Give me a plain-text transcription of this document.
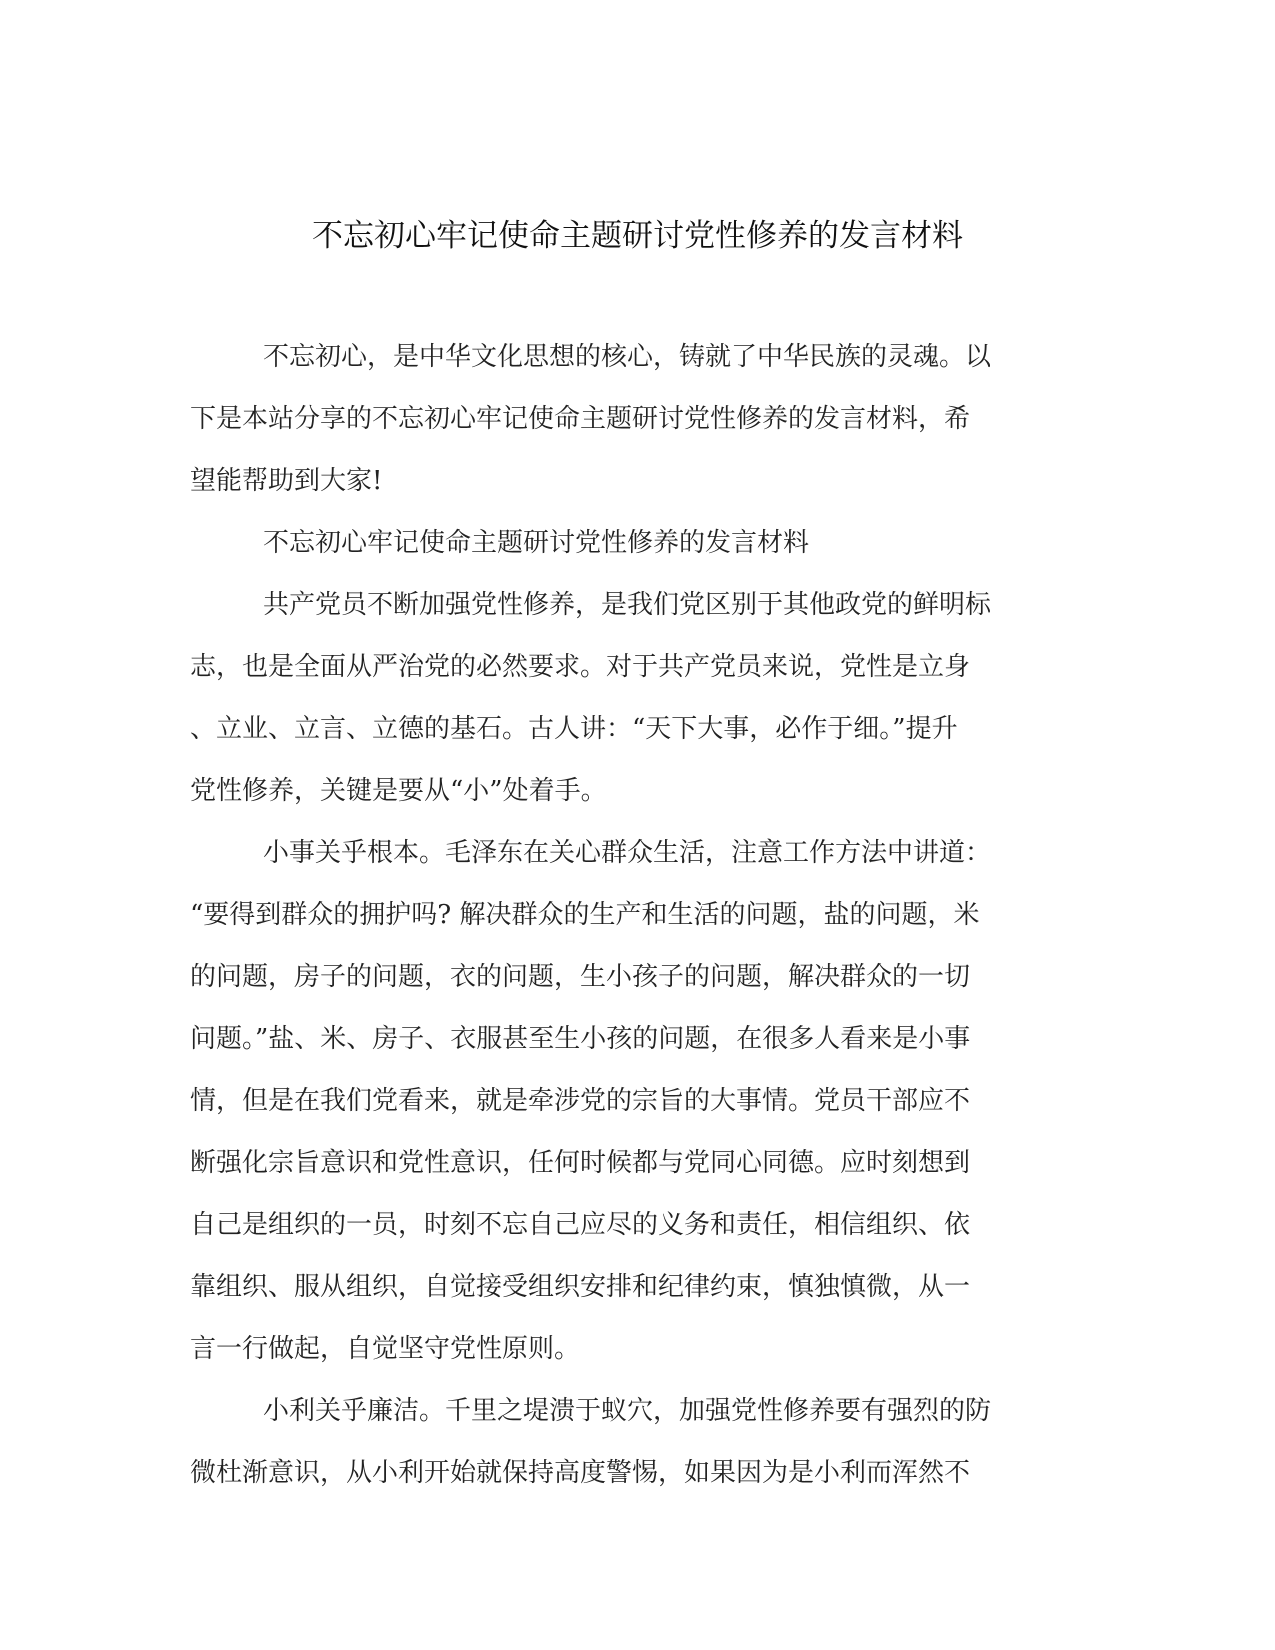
不忘初心牢记使命主题研讨党性修养的发言材料

不忘初心，是中华文化思想的核心，铸就了中华民族的灵魂。以
下是本站分享的不忘初心牢记使命主题研讨党性修养的发言材料，希
望能帮助到大家!

不忘初心牢记使命主题研讨党性修养的发言材料

共产党员不断加强党性修养，是我们党区别于其他政党的鲜明标
志，也是全面从严治党的必然要求。对于共产党员来说，党性是立身
、立业、立言、立德的基石。古人讲：“天下大事，必作于细。”提升
党性修养，关键是要从“小”处着手。

小事关乎根本。毛泽东在关心群众生活，注意工作方法中讲道：
“要得到群众的拥护吗? 解决群众的生产和生活的问题，盐的问题，米
的问题，房子的问题，衣的问题，生小孩子的问题，解决群众的一切
问题。”盐、米、房子、衣服甚至生小孩的问题，在很多人看来是小事
情，但是在我们党看来，就是牵涉党的宗旨的大事情。党员干部应不
断强化宗旨意识和党性意识，任何时候都与党同心同德。应时刻想到
自己是组织的一员，时刻不忘自己应尽的义务和责任，相信组织、依
靠组织、服从组织，自觉接受组织安排和纪律约束，慎独慎微，从一
言一行做起，自觉坚守党性原则。

小利关乎廉洁。千里之堤溃于蚁穴，加强党性修养要有强烈的防
微杜渐意识，从小利开始就保持高度警惕，如果因为是小利而浑然不
